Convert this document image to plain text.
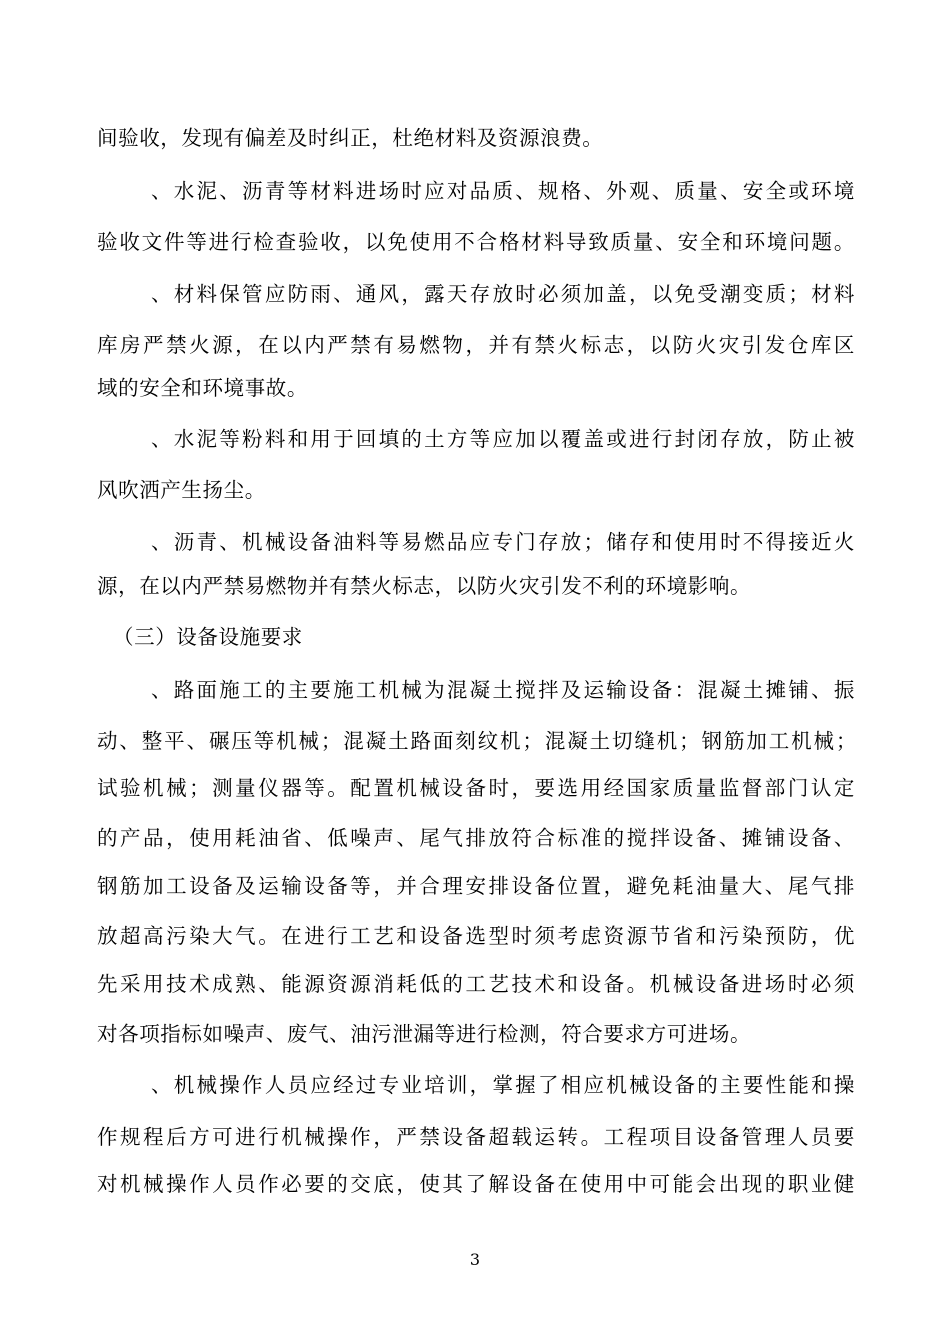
间验收，发现有偏差及时纠正，杜绝材料及资源浪费。
、水泥、沥青等材料进场时应对品质、规格、外观、质量、安全或环境
验收文件等进行检查验收，以免使用不合格材料导致质量、安全和环境问题。
、材料保管应防雨、通风，露天存放时必须加盖，以免受潮变质；材料
库房严禁火源，在以内严禁有易燃物，并有禁火标志，以防火灾引发仓库区
域的安全和环境事故。
、水泥等粉料和用于回填的土方等应加以覆盖或进行封闭存放，防止被
风吹洒产生扬尘。
、沥青、机械设备油料等易燃品应专门存放；储存和使用时不得接近火
源，在以内严禁易燃物并有禁火标志，以防火灾引发不利的环境影响。
（三）设备设施要求
、路面施工的主要施工机械为混凝土搅拌及运输设备：混凝土摊铺、振
动、整平、碾压等机械；混凝土路面刻纹机；混凝土切缝机；钢筋加工机械；
试验机械；测量仪器等。配置机械设备时，要选用经国家质量监督部门认定
的产品，使用耗油省、低噪声、尾气排放符合标准的搅拌设备、摊铺设备、
钢筋加工设备及运输设备等，并合理安排设备位置，避免耗油量大、尾气排
放超高污染大气。在进行工艺和设备选型时须考虑资源节省和污染预防，优
先采用技术成熟、能源资源消耗低的工艺技术和设备。机械设备进场时必须
对各项指标如噪声、废气、油污泄漏等进行检测，符合要求方可进场。
、机械操作人员应经过专业培训，掌握了相应机械设备的主要性能和操
作规程后方可进行机械操作，严禁设备超载运转。工程项目设备管理人员要
对机械操作人员作必要的交底，使其了解设备在使用中可能会出现的职业健
3
